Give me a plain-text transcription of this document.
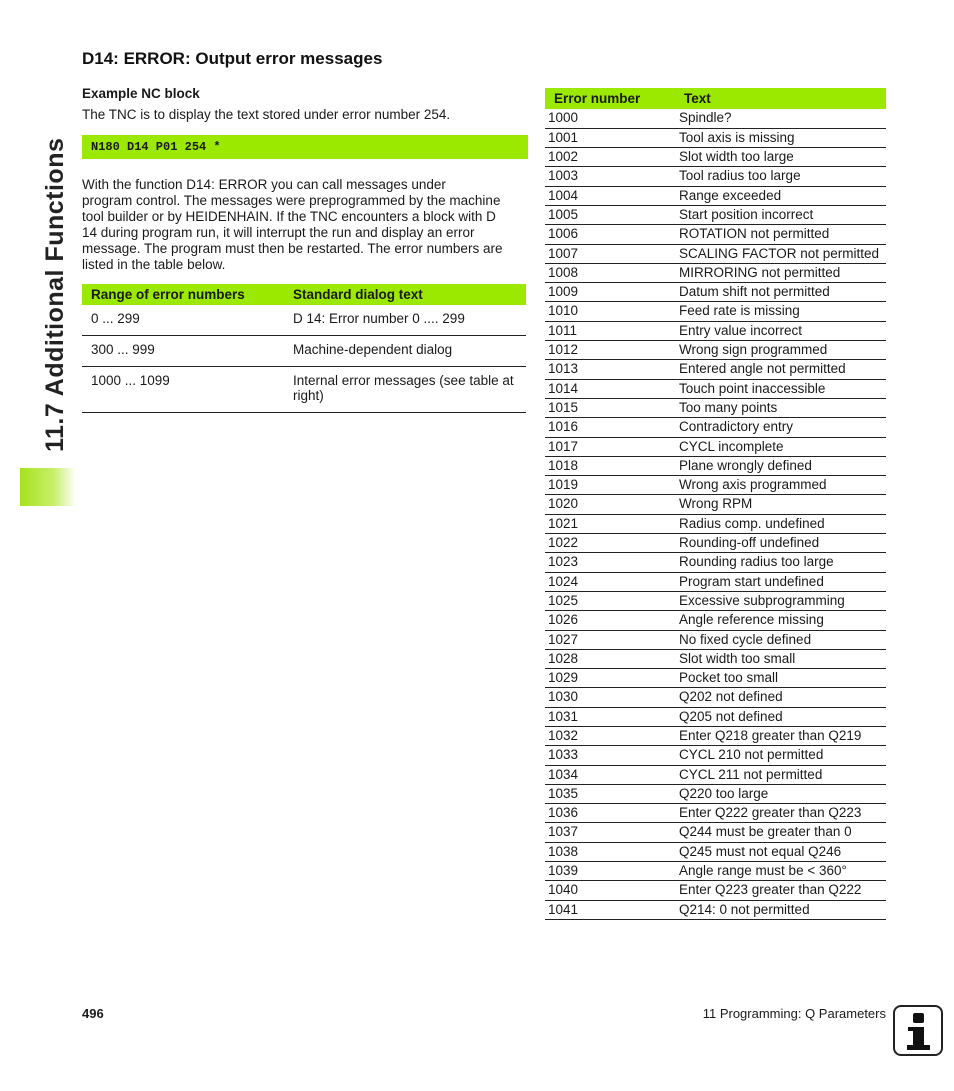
11.7 Additional Functions
D14: ERROR: Output error messages
Example NC block
The TNC is to display the text stored under error number 254.
N180 D14 P01 254 *
With the function D14: ERROR you can call messages under
program control. The messages were preprogrammed by the machine
tool builder or by HEIDENHAIN. If the TNC encounters a block with D
14 during program run, it will interrupt the run and display an error
message. The program must then be restarted. The error numbers are
listed in the table below.
Range of error numbers	Standard dialog text
0 ... 299	D 14: Error number 0 .... 299
300 ... 999	Machine-dependent dialog
1000 ... 1099	Internal error messages (see table at right)
Error number	Text
1000	Spindle?
1001	Tool axis is missing
1002	Slot width too large
1003	Tool radius too large
1004	Range exceeded
1005	Start position incorrect
1006	ROTATION not permitted
1007	SCALING FACTOR not permitted
1008	MIRRORING not permitted
1009	Datum shift not permitted
1010	Feed rate is missing
1011	Entry value incorrect
1012	Wrong sign programmed
1013	Entered angle not permitted
1014	Touch point inaccessible
1015	Too many points
1016	Contradictory entry
1017	CYCL incomplete
1018	Plane wrongly defined
1019	Wrong axis programmed
1020	Wrong RPM
1021	Radius comp. undefined
1022	Rounding-off undefined
1023	Rounding radius too large
1024	Program start undefined
1025	Excessive subprogramming
1026	Angle reference missing
1027	No fixed cycle defined
1028	Slot width too small
1029	Pocket too small
1030	Q202 not defined
1031	Q205 not defined
1032	Enter Q218 greater than Q219
1033	CYCL 210 not permitted
1034	CYCL 211 not permitted
1035	Q220 too large
1036	Enter Q222 greater than Q223
1037	Q244 must be greater than 0
1038	Q245 must not equal Q246
1039	Angle range must be < 360°
1040	Enter Q223 greater than Q222
1041	Q214: 0 not permitted
496	11 Programming: Q Parameters
